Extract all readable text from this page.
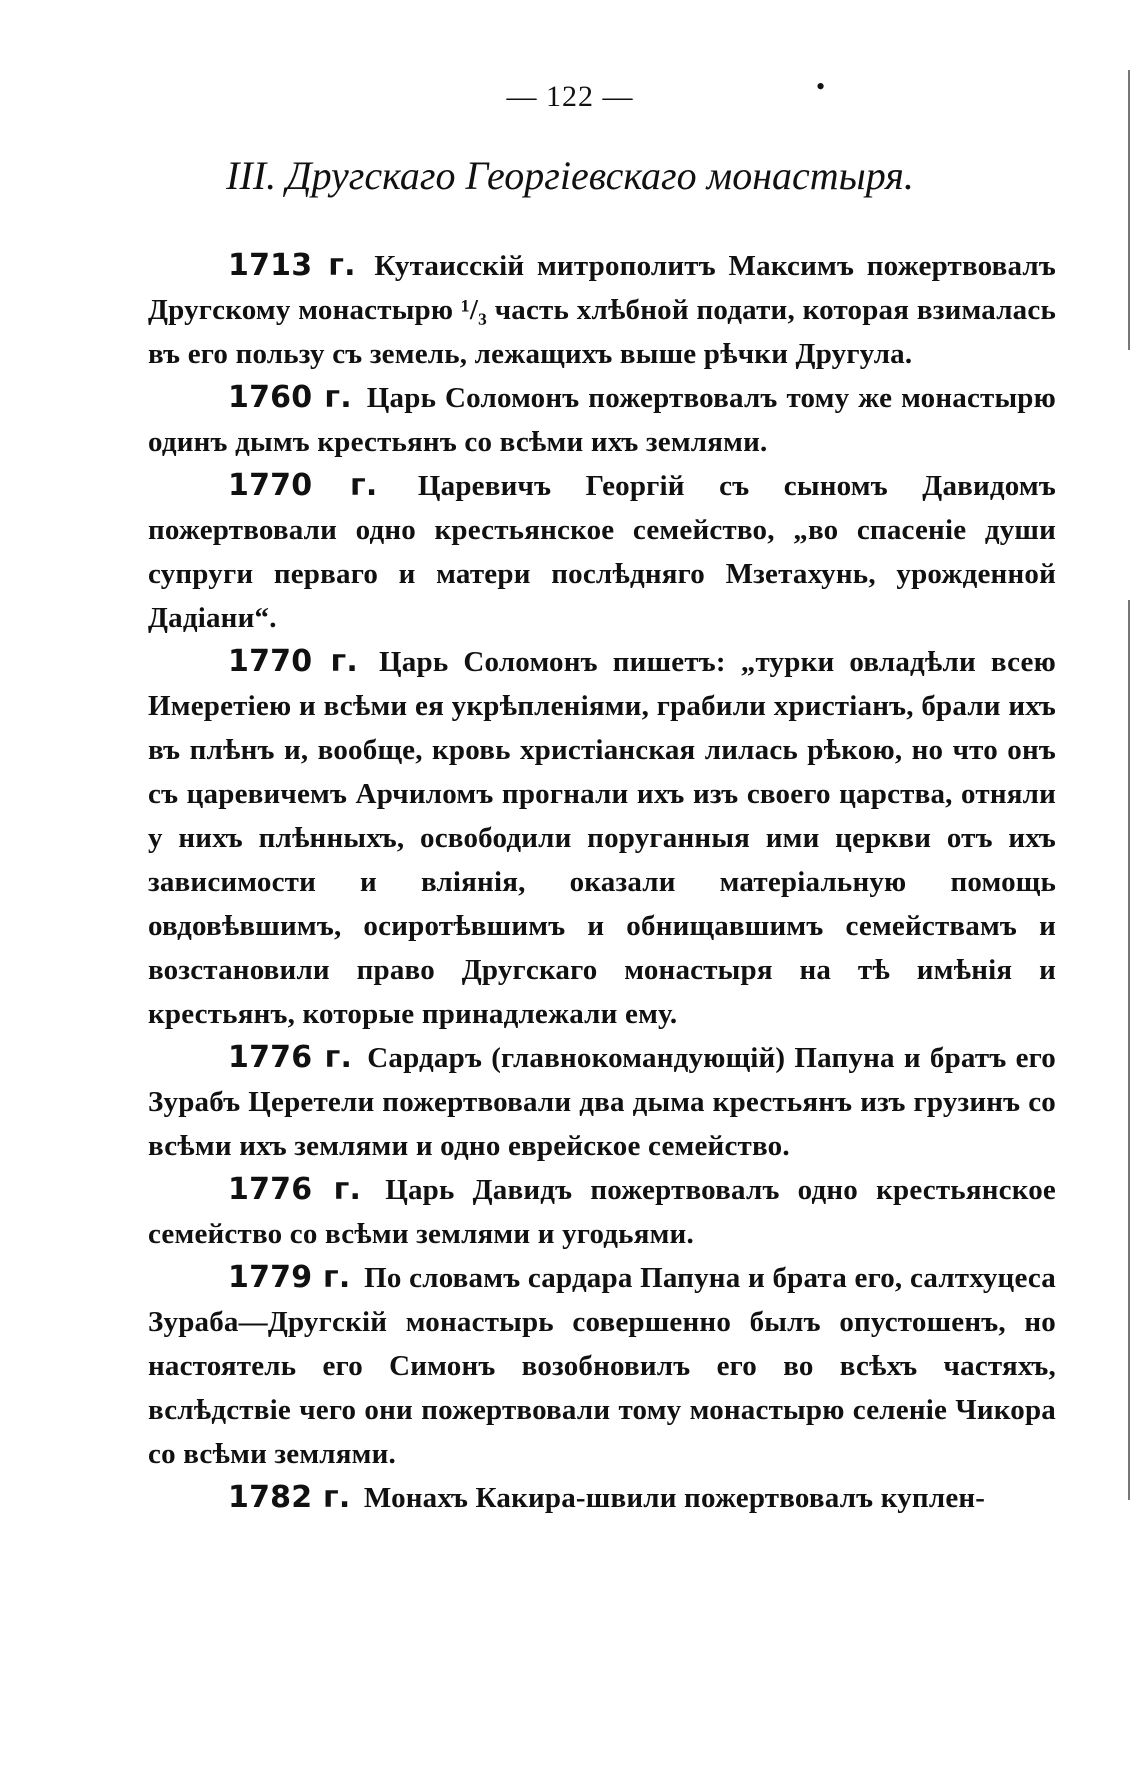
— 122 —	•
III. Другскаго Георгіевскаго монастыря.

1713 г. Кутаисскій митрополитъ Максимъ пожертвовалъ Другскому монастырю ¹/₃ часть хлѣбной подати, которая взималась въ его пользу съ земель, лежащихъ выше рѣчки Другула.

1760 г. Царь Соломонъ пожертвовалъ тому же монастырю одинъ дымъ крестьянъ со всѣми ихъ землями.

1770 г. Царевичъ Георгій съ сыномъ Давидомъ пожертвовали одно крестьянское семейство, „во спасеніе души супруги перваго и матери послѣдняго Мзетахунь, урожденной Дадіани“.

1770 г. Царь Соломонъ пишетъ: „турки овладѣли всею Имеретіею и всѣми ея укрѣпленіями, грабили христіанъ, брали ихъ въ плѣнъ и, вообще, кровь христіанская лилась рѣкою, но что онъ съ царевичемъ Арчиломъ прогнали ихъ изъ своего царства, отняли у нихъ плѣнныхъ, освободили поруганныя ими церкви отъ ихъ зависимости и вліянія, оказали матеріальную помощь овдовѣвшимъ, осиротѣвшимъ и обнищавшимъ семействамъ и возстановили право Другскаго монастыря на тѣ имѣнія и крестьянъ, которые принадлежали ему.

1776 г. Сардаръ (главнокомандующій) Папуна и братъ его Зурабъ Церетели пожертвовали два дыма крестьянъ изъ грузинъ со всѣми ихъ землями и одно еврейское семейство.

1776 г. Царь Давидъ пожертвовалъ одно крестьянское семейство со всѣми землями и угодьями.

1779 г. По словамъ сардара Папуна и брата его, салтхуцеса Зураба—Другскій монастырь совершенно былъ опустошенъ, но настоятель его Симонъ возобновилъ его во всѣхъ частяхъ, вслѣдствіе чего они пожертвовали тому монастырю селеніе Чикора со всѣми землями.

1782 г. Монахъ Какира-швили пожертвовалъ куплен-
